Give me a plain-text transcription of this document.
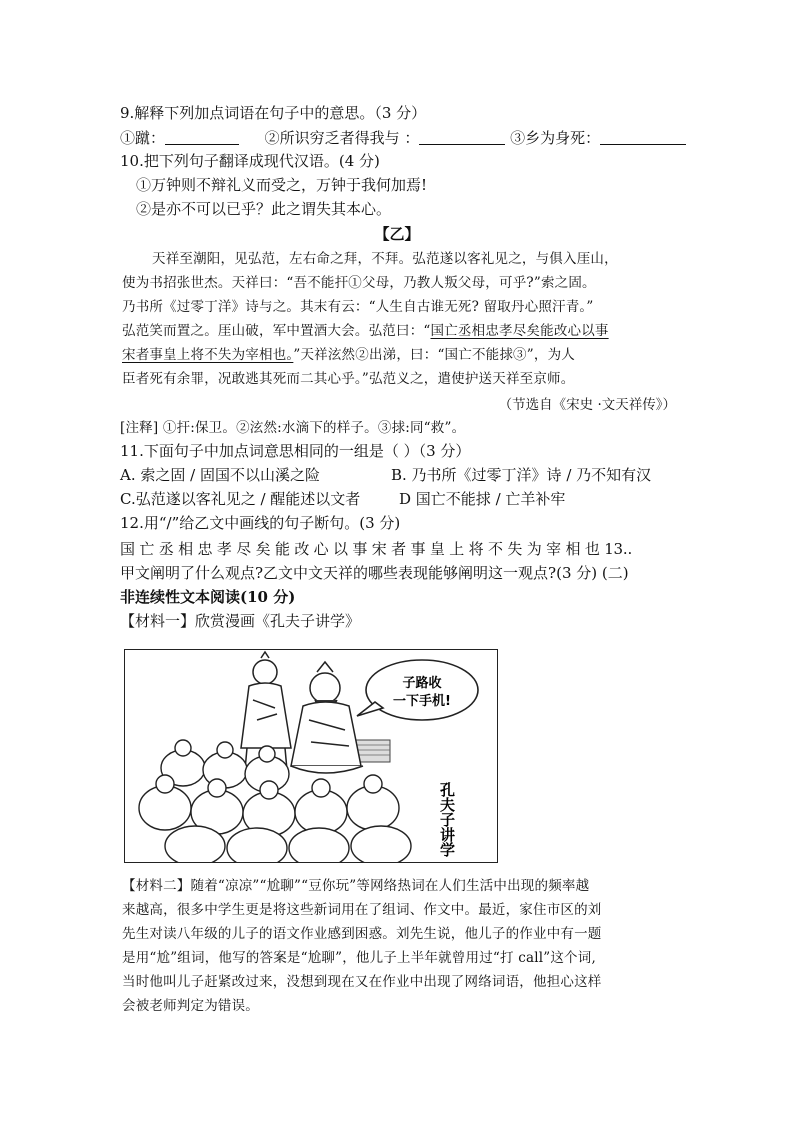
9.解释下列加点词语在句子中的意思。（3 分）
①蹴：	②所识穷乏者得我与 ：	③乡为身死：
10.把下列句子翻译成现代汉语。(4 分)
①万钟则不辩礼义而受之，万钟于我何加焉!
②是亦不可以已乎？此之谓失其本心。
【乙】
天祥至潮阳，见弘范，左右命之拜，不拜。弘范遂以客礼见之，与俱入厓山，
使为书招张世杰。天祥曰：“吾不能扞①父母，乃教人叛父母，可乎?”索之固。
乃书所《过零丁洋》诗与之。其末有云：“人生自古谁无死? 留取丹心照汗青。”
弘范笑而置之。厓山破，军中置酒大会。弘范曰：“国亡丞相忠孝尽矣能改心以事
宋者事皇上将不失为宰相也。”天祥泫然②出涕，曰：“国亡不能捄③”，为人
臣者死有余罪，况敢逃其死而二其心乎。”弘范义之，遣使护送天祥至京师。
（节选自《宋史 ·文天祥传》）
[注释] ①扞:保卫。②泫然:水滴下的样子。③捄:同“救”。
11.下面句子中加点词意思相同的一组是（ ）（3 分）
A. 索之固 / 固国不以山溪之险	B. 乃书所《过零丁洋》诗 / 乃不知有汉
C.弘范遂以客礼见之 / 醒能述以文者	D 国亡不能捄 / 亡羊补牢
12.用“/”给乙文中画线的句子断句。(3 分)
国 亡 丞 相 忠 孝 尽 矣 能 改 心 以 事 宋 者 事 皇 上 将 不 失 为 宰 相 也 13..
甲文阐明了什么观点?乙文中文天祥的哪些表现能够阐明这一观点?(3 分) (二)
非连续性文本阅读(10 分)
【材料一】欣赏漫画《孔夫子讲学》
子路收
一下手机!
孔夫子讲学
【材料二】随着“凉凉”“尬聊”“豆你玩”等网络热词在人们生活中出现的频率越
来越高，很多中学生更是将这些新词用在了组词、作文中。最近，家住市区的刘
先生对读八年级的儿子的语文作业感到困惑。刘先生说，他儿子的作业中有一题
是用“尬”组词，他写的答案是“尬聊”，他儿子上半年就曾用过“打 call”这个词,
当时他叫儿子赶紧改过来，没想到现在又在作业中出现了网络词语，他担心这样
会被老师判定为错误。
